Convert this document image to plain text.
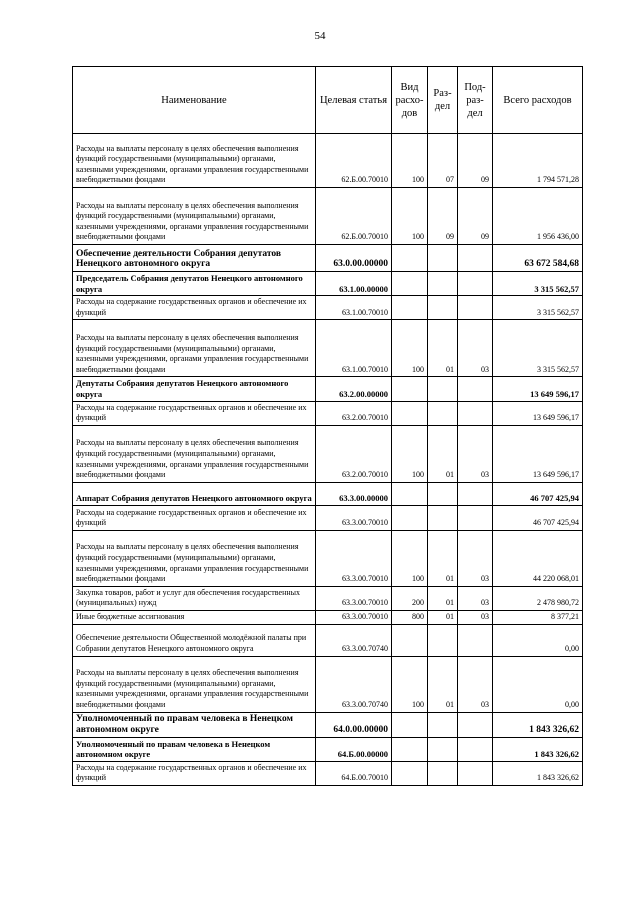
54
Наименование	Целевая статья	Вид расхо-дов	Раз-дел	Под-раз-дел	Всего расходов
Расходы на выплаты персоналу в целях обеспечения выполнения функций государственными (муниципальными) органами, казенными учреждениями, органами управления государственными внебюджетными фондами	62.Б.00.70010	100	07	09	1 794 571,28
Расходы на выплаты персоналу в целях обеспечения выполнения функций государственными (муниципальными) органами, казенными учреждениями, органами управления государственными внебюджетными фондами	62.Б.00.70010	100	09	09	1 956 436,00
Обеспечение деятельности Собрания депутатов Ненецкого автономного округа	63.0.00.00000				63 672 584,68
Председатель Собрания депутатов Ненецкого автономного округа	63.1.00.00000				3 315 562,57
Расходы на содержание государственных органов и обеспечение их функций	63.1.00.70010				3 315 562,57
Расходы на выплаты персоналу в целях обеспечения выполнения функций государственными (муниципальными) органами, казенными учреждениями, органами управления государственными внебюджетными фондами	63.1.00.70010	100	01	03	3 315 562,57
Депутаты Собрания депутатов Ненецкого автономного округа	63.2.00.00000				13 649 596,17
Расходы на содержание государственных органов и обеспечение их функций	63.2.00.70010				13 649 596,17
Расходы на выплаты персоналу в целях обеспечения выполнения функций государственными (муниципальными) органами, казенными учреждениями, органами управления государственными внебюджетными фондами	63.2.00.70010	100	01	03	13 649 596,17
Аппарат Собрания депутатов Ненецкого автономного округа	63.3.00.00000				46 707 425,94
Расходы на содержание государственных органов и обеспечение их функций	63.3.00.70010				46 707 425,94
Расходы на выплаты персоналу в целях обеспечения выполнения функций государственными (муниципальными) органами, казенными учреждениями, органами управления государственными внебюджетными фондами	63.3.00.70010	100	01	03	44 220 068,01
Закупка товаров, работ и услуг для обеспечения государственных (муниципальных) нужд	63.3.00.70010	200	01	03	2 478 980,72
Иные бюджетные ассигнования	63.3.00.70010	800	01	03	8 377,21
Обеспечение деятельности Общественной молодёжной палаты при Собрании депутатов Ненецкого автономного округа	63.3.00.70740				0,00
Расходы на выплаты персоналу в целях обеспечения выполнения функций государственными (муниципальными) органами, казенными учреждениями, органами управления государственными внебюджетными фондами	63.3.00.70740	100	01	03	0,00
Уполномоченный по правам человека в Ненецком автономном округе	64.0.00.00000				1 843 326,62
Уполномоченный по правам человека в Ненецком автономном округе	64.Б.00.00000				1 843 326,62
Расходы на содержание государственных органов и обеспечение их функций	64.Б.00.70010				1 843 326,62
